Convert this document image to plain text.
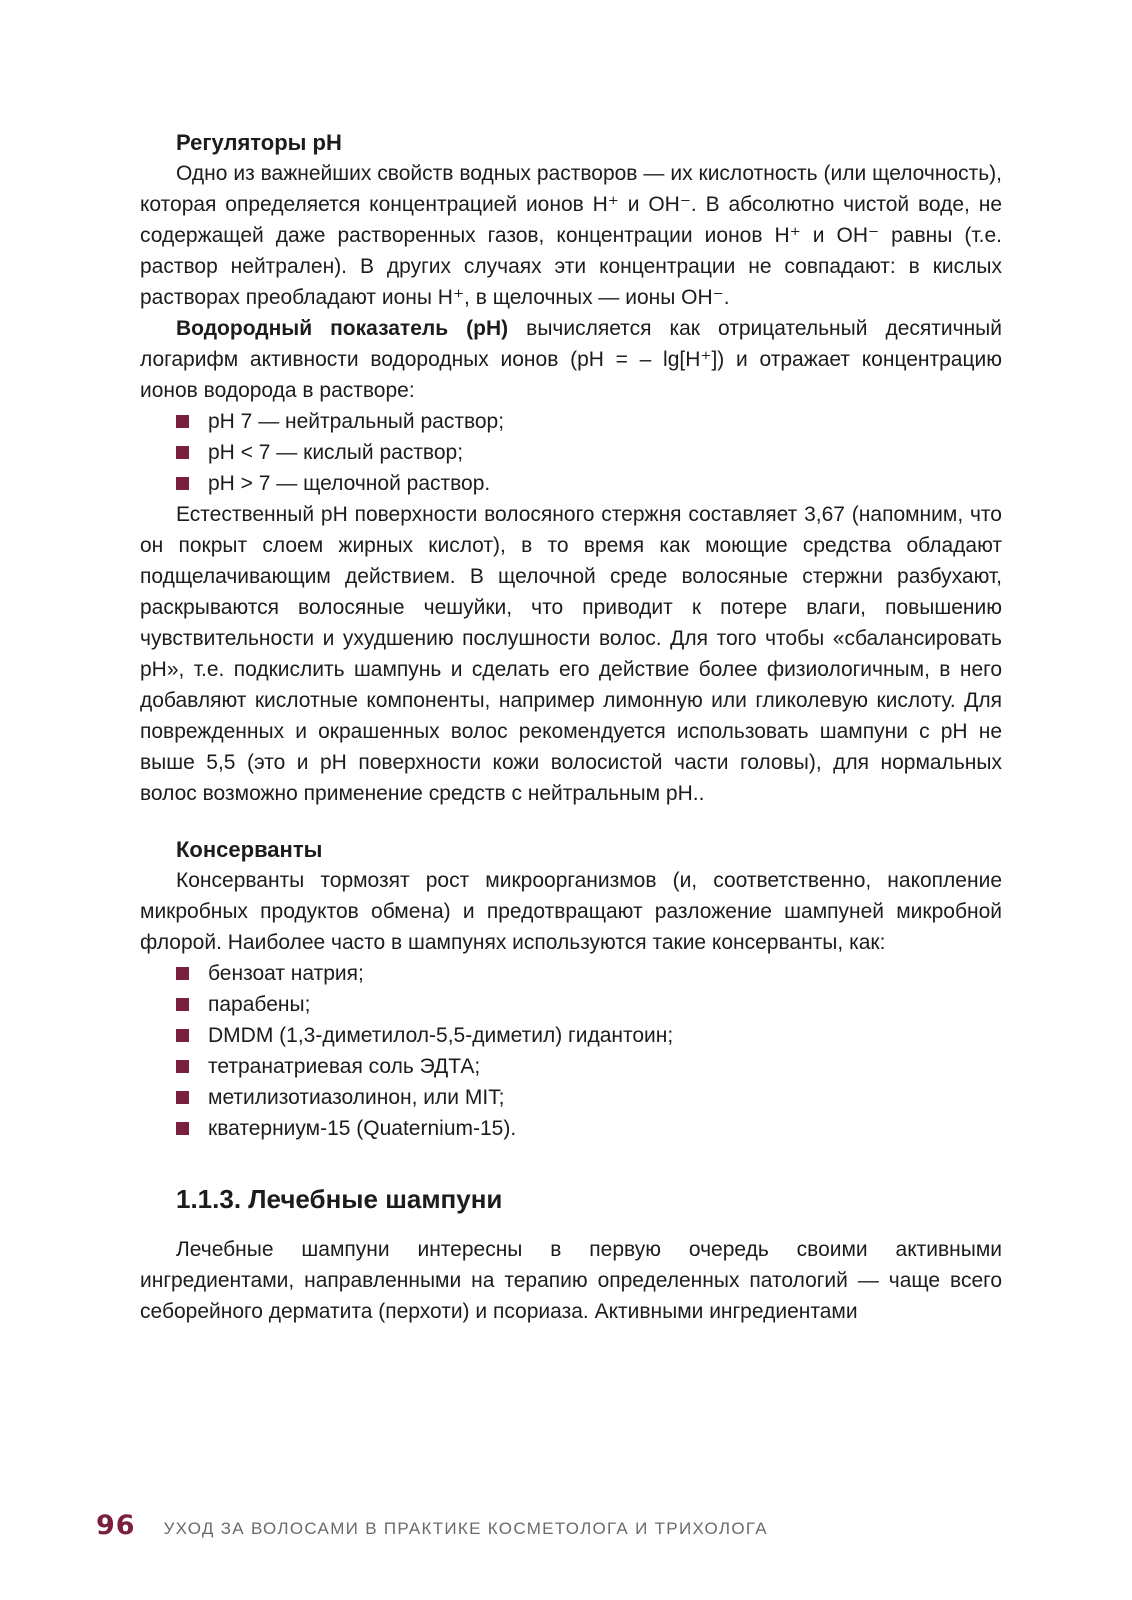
Регуляторы pH

Одно из важнейших свойств водных растворов — их кислотность (или щелочность), которая определяется концентрацией ионов H⁺ и OH⁻. В абсолютно чистой воде, не содержащей даже растворенных газов, концентрации ионов H⁺ и OH⁻ равны (т.е. раствор нейтрален). В других случаях эти концентрации не совпадают: в кислых растворах преобладают ионы H⁺, в щелочных — ионы OH⁻.

Водородный показатель (pH) вычисляется как отрицательный десятичный логарифм активности водородных ионов (pH = – lg[H⁺]) и отражает концентрацию ионов водорода в растворе:

pH 7 — нейтральный раствор;
pH < 7 — кислый раствор;
pH > 7 — щелочной раствор.

Естественный pH поверхности волосяного стержня составляет 3,67 (напомним, что он покрыт слоем жирных кислот), в то время как моющие средства обладают подщелачивающим действием. В щелочной среде волосяные стержни разбухают, раскрываются волосяные чешуйки, что приводит к потере влаги, повышению чувствительности и ухудшению послушности волос. Для того чтобы «сбалансировать pH», т.е. подкислить шампунь и сделать его действие более физиологичным, в него добавляют кислотные компоненты, например лимонную или гликолевую кислоту. Для поврежденных и окрашенных волос рекомендуется использовать шампуни с pH не выше 5,5 (это и pH поверхности кожи волосистой части головы), для нормальных волос возможно применение средств с нейтральным pH..

Консерванты

Консерванты тормозят рост микроорганизмов (и, соответственно, накопление микробных продуктов обмена) и предотвращают разложение шампуней микробной флорой. Наиболее часто в шампунях используются такие консерванты, как:

бензоат натрия;
парабены;
DMDM (1,3-диметилол-5,5-диметил) гидантоин;
тетранатриевая соль ЭДТА;
метилизотиазолинон, или MIT;
кватерниум-15 (Quaternium-15).
1.1.3. Лечебные шампуни

Лечебные шампуни интересны в первую очередь своими активными ингредиентами, направленными на терапию определенных патологий — чаще всего себорейного дерматита (перхоти) и псориаза. Активными ингредиентами

96 УХОД ЗА ВОЛОСАМИ В ПРАКТИКЕ КОСМЕТОЛОГА И ТРИХОЛОГА
